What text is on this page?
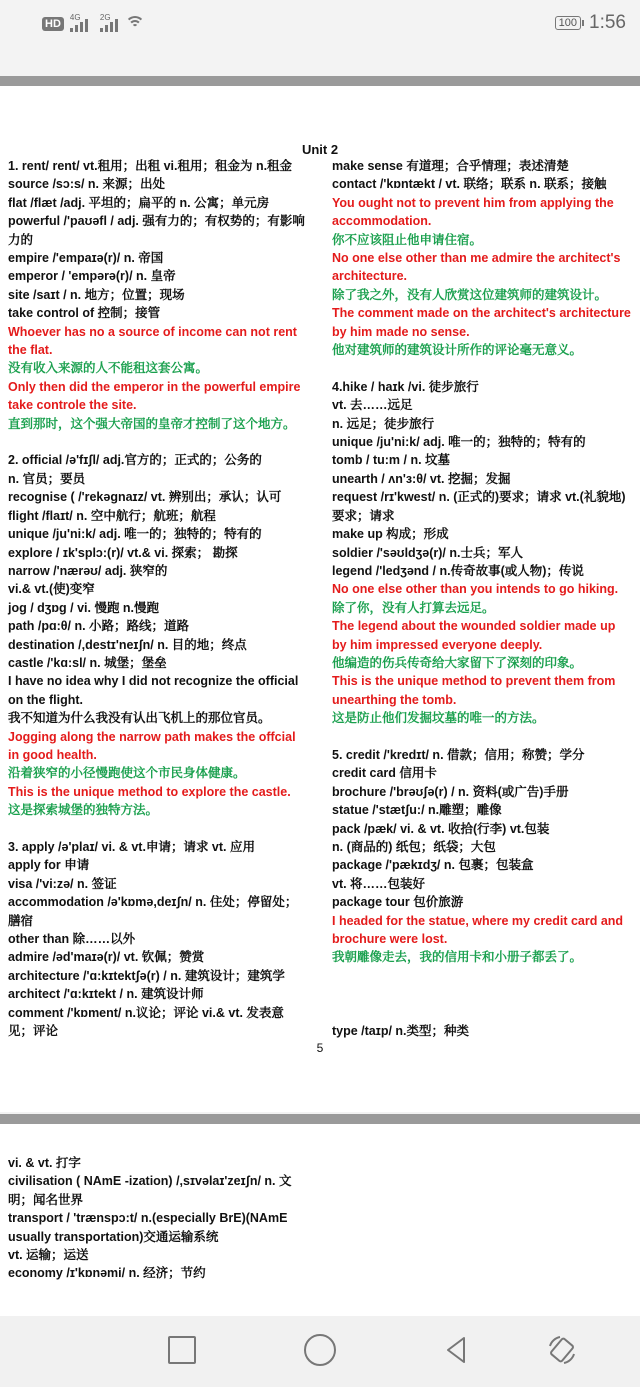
HD
4G 2G	100 1:56
Unit 2
1. rent/ rent/ vt.租用；出租 vi.租用；租金为 n.租金
source /sɔ:s/ n. 来源；出处
flat /flæt /adj. 平坦的；扁平的 n. 公寓；单元房
powerful /'paʊəfl / adj. 强有力的；有权势的；有影响力的
empire /'empaɪə(r)/ n. 帝国
emperor / 'empərə(r)/ n. 皇帝
site /saɪt / n. 地方；位置；现场
take control of 控制；接管
Whoever has no a source of income can not rent the flat.
没有收入来源的人不能租这套公寓。
Only then did the emperor in the powerful empire take controle the site.
直到那时，这个强大帝国的皇帝才控制了这个地方。
2. official /ə'fɪʃl/ adj.官方的；正式的；公务的
n. 官员；要员
recognise ( /'rekəgnaɪz/ vt. 辨别出；承认；认可
flight /flaɪt/ n. 空中航行；航班；航程
unique /ju'ni:k/ adj. 唯一的；独特的；特有的
explore / ɪk'splɔ:(r)/ vt.& vi. 探索； 勘探
narrow /'nærəʊ/ adj. 狭窄的
vi.& vt.(使)变窄
jog / dʒɒg / vi. 慢跑 n.慢跑
path /pɑ:θ/ n. 小路；路线；道路
destination /,destɪ'neɪʃn/ n. 目的地；终点
castle /'kɑ:sl/ n. 城堡；堡垒
I have no idea why I did not recognize the official on the flight.
我不知道为什么我没有认出飞机上的那位官员。
Jogging along the narrow path makes the offcial in good health.
沿着狭窄的小径慢跑使这个市民身体健康。
This is the unique method to explore the castle.
这是探索城堡的独特方法。
3. apply /ə'plaɪ/ vi. & vt.申请；请求 vt. 应用
apply for 申请
visa /'vi:zə/ n. 签证
accommodation /ə'kɒmə,deɪʃn/ n. 住处；停留处；膳宿
other than 除……以外
admire /əd'maɪə(r)/ vt. 钦佩；赞赏
architecture /'ɑ:kɪtektʃə(r) / n. 建筑设计；建筑学
architect /'ɑ:kɪtekt / n. 建筑设计师
comment /'kɒment/ n.议论；评论 vi.& vt. 发表意见；评论
make sense 有道理；合乎情理；表述清楚
contact /'kɒntækt / vt. 联络；联系 n. 联系；接触
You ought not to prevent him from applying the accommodation.
你不应该阻止他申请住宿。
No one else other than me admire the architect's architecture.
除了我之外，没有人欣赏这位建筑师的建筑设计。
The comment made on the architect's architecture by him made no sense.
他对建筑师的建筑设计所作的评论毫无意义。
4.hike / haɪk /vi. 徒步旅行
vt. 去……远足
n. 远足；徒步旅行
unique /ju'ni:k/ adj. 唯一的；独特的；特有的
tomb / tu:m / n. 坟墓
unearth / ʌn'ɜ:θ/ vt. 挖掘；发掘
request /rɪ'kwest/ n. (正式的)要求；请求 vt.(礼貌地)要求；请求
make up 构成；形成
soldier /'səʊldʒə(r)/ n.士兵；军人
legend /'ledʒənd / n.传奇故事(或人物)；传说
No one else other than you intends to go hiking.
除了你，没有人打算去远足。
The legend about the wounded soldier made up by him impressed everyone deeply.
他编造的伤兵传奇给大家留下了深刻的印象。
This is the unique method to prevent them from unearthing the tomb.
这是防止他们发掘坟墓的唯一的方法。
5. credit /'kredɪt/ n. 借款；信用；称赞；学分
credit card 信用卡
brochure /'brəʊʃə(r) / n. 资料(或广告)手册
statue /'stætʃu:/ n.雕塑；雕像
pack /pæk/ vi. & vt. 收拾(行李) vt.包装
n. (商品的) 纸包；纸袋；大包
package /'pækɪdʒ/ n. 包裹；包装盒
vt. 将……包装好
package tour 包价旅游
I headed for the statue, where my credit card and brochure were lost.
我朝雕像走去，我的信用卡和小册子都丢了。
type /taɪp/ n.类型；种类
5
vi. & vt. 打字
civilisation ( NAmE -ization) /,sɪvəlaɪ'zeɪʃn/ n. 文明；闻名世界
transport / 'trænspɔ:t/ n.(especially BrE)(NAmE usually transportation)交通运输系统
vt. 运输；运送
economy /ɪ'kɒnəmi/ n. 经济；节约
